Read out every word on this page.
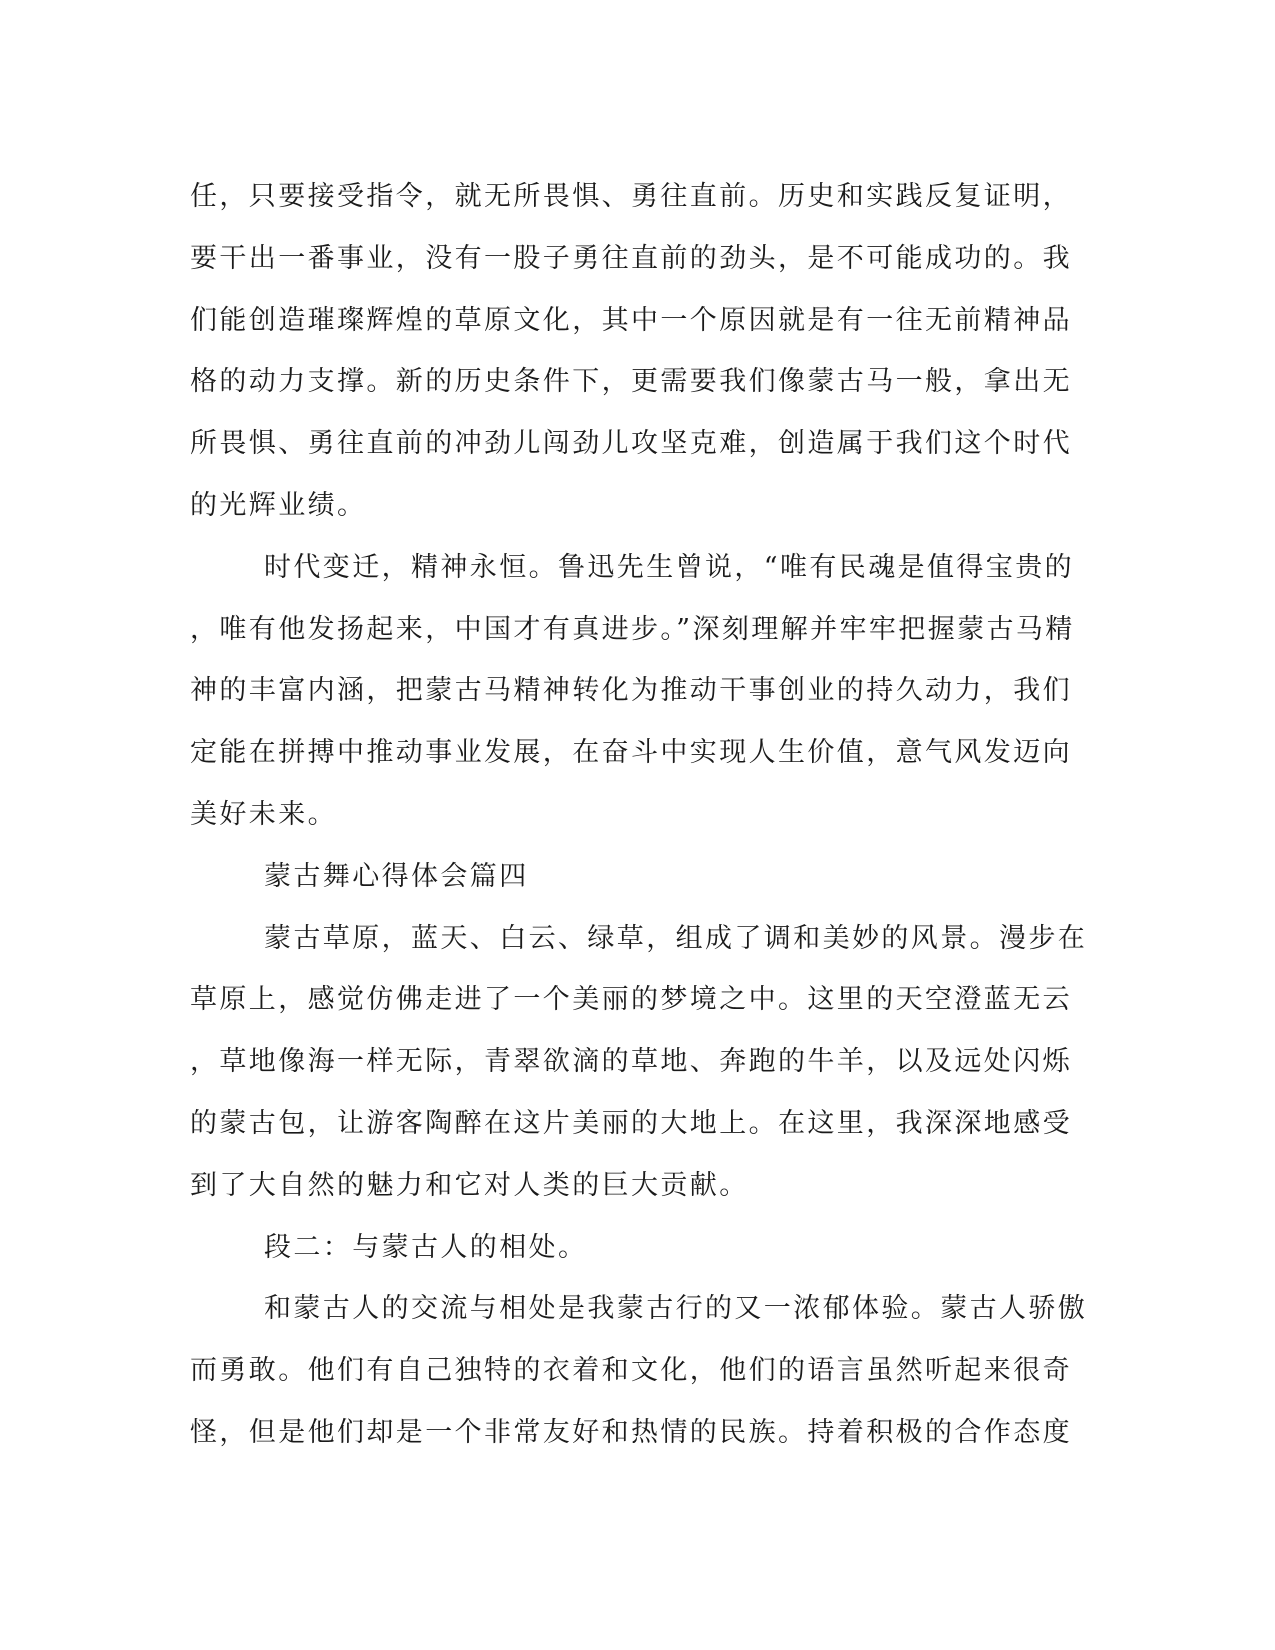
任，只要接受指令，就无所畏惧、勇往直前。历史和实践反复证明，
要干出一番事业，没有一股子勇往直前的劲头，是不可能成功的。我
们能创造璀璨辉煌的草原文化，其中一个原因就是有一往无前精神品
格的动力支撑。新的历史条件下，更需要我们像蒙古马一般，拿出无
所畏惧、勇往直前的冲劲儿闯劲儿攻坚克难，创造属于我们这个时代
的光辉业绩。
时代变迁，精神永恒。鲁迅先生曾说，“唯有民魂是值得宝贵的
，唯有他发扬起来，中国才有真进步。”深刻理解并牢牢把握蒙古马精
神的丰富内涵，把蒙古马精神转化为推动干事创业的持久动力，我们
定能在拼搏中推动事业发展，在奋斗中实现人生价值，意气风发迈向
美好未来。
蒙古舞心得体会篇四
蒙古草原，蓝天、白云、绿草，组成了调和美妙的风景。漫步在
草原上，感觉仿佛走进了一个美丽的梦境之中。这里的天空澄蓝无云
，草地像海一样无际，青翠欲滴的草地、奔跑的牛羊，以及远处闪烁
的蒙古包，让游客陶醉在这片美丽的大地上。在这里，我深深地感受
到了大自然的魅力和它对人类的巨大贡献。
段二：与蒙古人的相处。
和蒙古人的交流与相处是我蒙古行的又一浓郁体验。蒙古人骄傲
而勇敢。他们有自己独特的衣着和文化，他们的语言虽然听起来很奇
怪，但是他们却是一个非常友好和热情的民族。持着积极的合作态度
